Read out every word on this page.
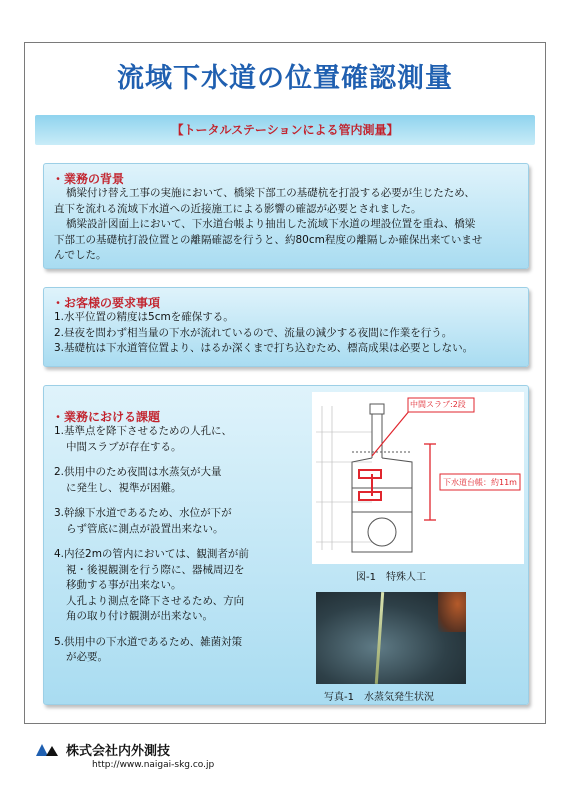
流域下水道の位置確認測量
【トータルステーションによる管内測量】
・業務の背景
橋梁付け替え工事の実施において、橋梁下部工の基礎杭を打設する必要が生じたため、
直下を流れる流域下水道への近接施工による影響の確認が必要とされました。
橋梁設計図面上において、下水道台帳より抽出した流域下水道の埋設位置を重ね、橋梁
下部工の基礎杭打設位置との離隔確認を行うと、約80cm程度の離隔しか確保出来ていませ
んでした。
・お客様の要求事項
1.水平位置の精度は5cmを確保する。
2.昼夜を問わず相当量の下水が流れているので、流量の減少する夜間に作業を行う。
3.基礎杭は下水道管位置より、はるか深くまで打ち込むため、標高成果は必要としない。
・業務における課題
1.基準点を降下させるための人孔に、
中間スラブが存在する。
2.供用中のため夜間は水蒸気が大量
に発生し、視準が困難。
3.幹線下水道であるため、水位が下が
らず管底に測点が設置出来ない。
4.内径2mの管内においては、観測者が前
視・後視観測を行う際に、器械周辺を
移動する事が出来ない。
人孔より測点を降下させるため、方向
角の取り付け観測が出来ない。
5.供用中の下水道であるため、雑菌対策
が必要。
中間スラブ:2段
下水道台帳：約11m
図-1　特殊人工
写真-1　水蒸気発生状況
株式会社内外測技
http://www.naigai-skg.co.jp
